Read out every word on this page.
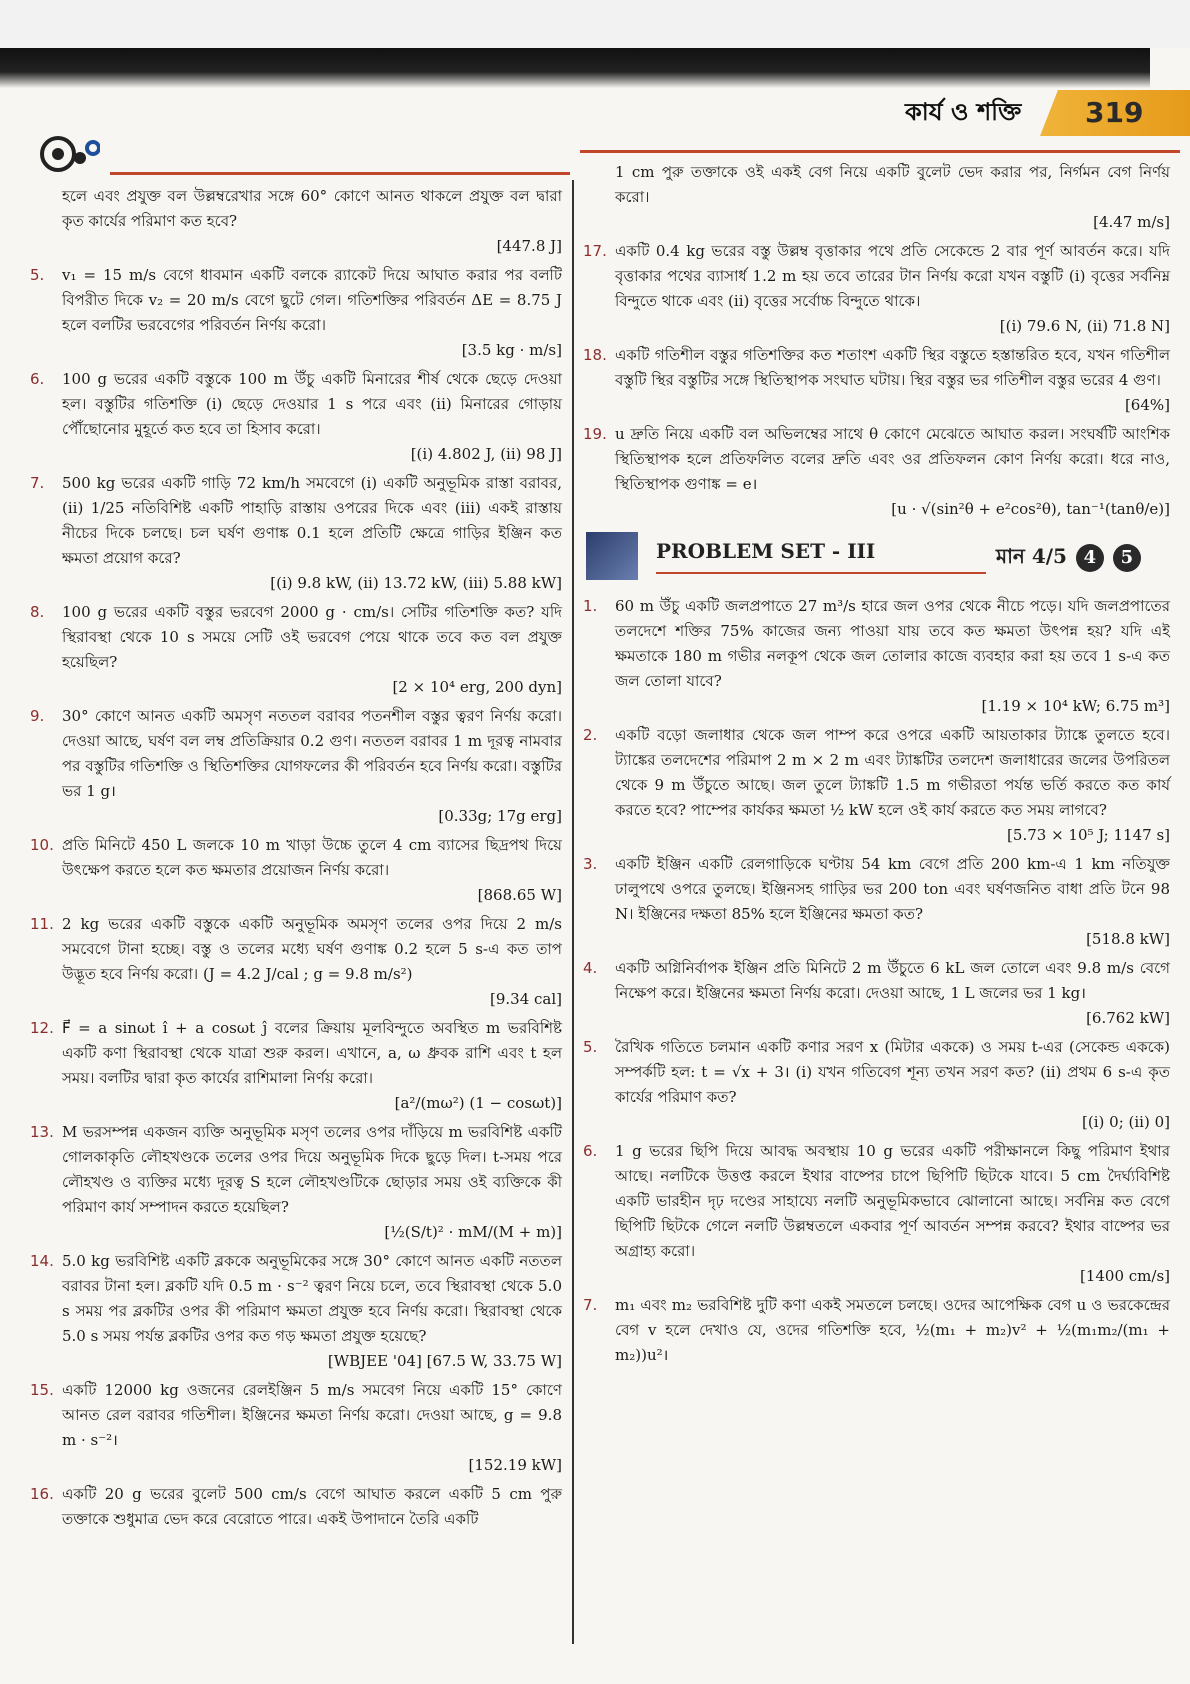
কার্য ও শক্তি 319
হলে এবং প্রযুক্ত বল উল্লম্বরেখার সঙ্গে 60° কোণে আনত থাকলে প্রযুক্ত বল দ্বারা কৃত কার্যের পরিমাণ কত হবে?
[447.8 J]
5. v₁ = 15 m/s বেগে ধাবমান একটি বলকে র‍্যাকেট দিয়ে আঘাত করার পর বলটি বিপরীত দিকে v₂ = 20 m/s বেগে ছুটে গেল। গতিশক্তির পরিবর্তন ΔE = 8.75 J হলে বলটির ভরবেগের পরিবর্তন নির্ণয় করো।
[3.5 kg · m/s]
6. 100 g ভরের একটি বস্তুকে 100 m উঁচু একটি মিনারের শীর্ষ থেকে ছেড়ে দেওয়া হল। বস্তুটির গতিশক্তি (i) ছেড়ে দেওয়ার 1 s পরে এবং (ii) মিনারের গোড়ায় পৌঁছোনোর মুহূর্তে কত হবে তা হিসাব করো।
[(i) 4.802 J, (ii) 98 J]
7. 500 kg ভরের একটি গাড়ি 72 km/h সমবেগে (i) একটি অনুভূমিক রাস্তা বরাবর, (ii) 1/25 নতিবিশিষ্ট একটি পাহাড়ি রাস্তায় ওপরের দিকে এবং (iii) একই রাস্তায় নীচের দিকে চলছে। চল ঘর্ষণ গুণাঙ্ক 0.1 হলে প্রতিটি ক্ষেত্রে গাড়ির ইঞ্জিন কত ক্ষমতা প্রয়োগ করে?
[(i) 9.8 kW, (ii) 13.72 kW, (iii) 5.88 kW]
8. 100 g ভরের একটি বস্তুর ভরবেগ 2000 g · cm/s। সেটির গতিশক্তি কত? যদি স্থিরাবস্থা থেকে 10 s সময়ে সেটি ওই ভরবেগ পেয়ে থাকে তবে কত বল প্রযুক্ত হয়েছিল?
[2 × 10⁴ erg, 200 dyn]
9. 30° কোণে আনত একটি অমসৃণ নততল বরাবর পতনশীল বস্তুর ত্বরণ নির্ণয় করো। দেওয়া আছে, ঘর্ষণ বল লম্ব প্রতিক্রিয়ার 0.2 গুণ। নততল বরাবর 1 m দূরত্ব নামবার পর বস্তুটির গতিশক্তি ও স্থিতিশক্তির যোগফলের কী পরিবর্তন হবে নির্ণয় করো। বস্তুটির ভর 1 g।
[0.33g; 17g erg]
10. প্রতি মিনিটে 450 L জলকে 10 m খাড়া উচ্চে তুলে 4 cm ব্যাসের ছিদ্রপথ দিয়ে উৎক্ষেপ করতে হলে কত ক্ষমতার প্রয়োজন নির্ণয় করো।
[868.65 W]
11. 2 kg ভরের একটি বস্তুকে একটি অনুভূমিক অমসৃণ তলের ওপর দিয়ে 2 m/s সমবেগে টানা হচ্ছে। বস্তু ও তলের মধ্যে ঘর্ষণ গুণাঙ্ক 0.2 হলে 5 s-এ কত তাপ উদ্ভূত হবে নির্ণয় করো। (J = 4.2 J/cal ; g = 9.8 m/s²)
[9.34 cal]
12. F⃗ = a sinωt î + a cosωt ĵ বলের ক্রিয়ায় মূলবিন্দুতে অবস্থিত m ভরবিশিষ্ট একটি কণা স্থিরাবস্থা থেকে যাত্রা শুরু করল। এখানে, a, ω ধ্রুবক রাশি এবং t হল সময়। বলটির দ্বারা কৃত কার্যের রাশিমালা নির্ণয় করো।
[a²/(mω²) (1 − cosωt)]
13. M ভরসম্পন্ন একজন ব্যক্তি অনুভূমিক মসৃণ তলের ওপর দাঁড়িয়ে m ভরবিশিষ্ট একটি গোলকাকৃতি লৌহখণ্ডকে তলের ওপর দিয়ে অনুভূমিক দিকে ছুড়ে দিল। t-সময় পরে লৌহখণ্ড ও ব্যক্তির মধ্যে দূরত্ব S হলে লৌহখণ্ডটিকে ছোড়ার সময় ওই ব্যক্তিকে কী পরিমাণ কার্য সম্পাদন করতে হয়েছিল?
[½(S/t)² · mM/(M + m)]
14. 5.0 kg ভরবিশিষ্ট একটি ব্লককে অনুভূমিকের সঙ্গে 30° কোণে আনত একটি নততল বরাবর টানা হল। ব্লকটি যদি 0.5 m · s⁻² ত্বরণ নিয়ে চলে, তবে স্থিরাবস্থা থেকে 5.0 s সময় পর ব্লকটির ওপর কী পরিমাণ ক্ষমতা প্রযুক্ত হবে নির্ণয় করো। স্থিরাবস্থা থেকে 5.0 s সময় পর্যন্ত ব্লকটির ওপর কত গড় ক্ষমতা প্রযুক্ত হয়েছে?
[WBJEE '04] [67.5 W, 33.75 W]
15. একটি 12000 kg ওজনের রেলইঞ্জিন 5 m/s সমবেগ নিয়ে একটি 15° কোণে আনত রেল বরাবর গতিশীল। ইঞ্জিনের ক্ষমতা নির্ণয় করো। দেওয়া আছে, g = 9.8 m · s⁻²।
[152.19 kW]
16. একটি 20 g ভরের বুলেট 500 cm/s বেগে আঘাত করলে একটি 5 cm পুরু তক্তাকে শুধুমাত্র ভেদ করে বেরোতে পারে। একই উপাদানে তৈরি একটি
1 cm পুরু তক্তাকে ওই একই বেগ নিয়ে একটি বুলেট ভেদ করার পর, নির্গমন বেগ নির্ণয় করো।
[4.47 m/s]
17. একটি 0.4 kg ভরের বস্তু উল্লম্ব বৃত্তাকার পথে প্রতি সেকেন্ডে 2 বার পূর্ণ আবর্তন করে। যদি বৃত্তাকার পথের ব্যাসার্ধ 1.2 m হয় তবে তারের টান নির্ণয় করো যখন বস্তুটি (i) বৃত্তের সর্বনিম্ন বিন্দুতে থাকে এবং (ii) বৃত্তের সর্বোচ্চ বিন্দুতে থাকে।
[(i) 79.6 N, (ii) 71.8 N]
18. একটি গতিশীল বস্তুর গতিশক্তির কত শতাংশ একটি স্থির বস্তুতে হস্তান্তরিত হবে, যখন গতিশীল বস্তুটি স্থির বস্তুটির সঙ্গে স্থিতিস্থাপক সংঘাত ঘটায়। স্থির বস্তুর ভর গতিশীল বস্তুর ভরের 4 গুণ।
[64%]
19. u দ্রুতি নিয়ে একটি বল অভিলম্বের সাথে θ কোণে মেঝেতে আঘাত করল। সংঘর্ষটি আংশিক স্থিতিস্থাপক হলে প্রতিফলিত বলের দ্রুতি এবং ওর প্রতিফলন কোণ নির্ণয় করো। ধরে নাও, স্থিতিস্থাপক গুণাঙ্ক = e।
[u · √(sin²θ + e²cos²θ), tan⁻¹(tanθ/e)]
PROBLEM SET - III	মান 4/5 4 5
1. 60 m উঁচু একটি জলপ্রপাতে 27 m³/s হারে জল ওপর থেকে নীচে পড়ে। যদি জলপ্রপাতের তলদেশে শক্তির 75% কাজের জন্য পাওয়া যায় তবে কত ক্ষমতা উৎপন্ন হয়? যদি এই ক্ষমতাকে 180 m গভীর নলকূপ থেকে জল তোলার কাজে ব্যবহার করা হয় তবে 1 s-এ কত জল তোলা যাবে?
[1.19 × 10⁴ kW; 6.75 m³]
2. একটি বড়ো জলাধার থেকে জল পাম্প করে ওপরে একটি আয়তাকার ট্যাঙ্কে তুলতে হবে। ট্যাঙ্কের তলদেশের পরিমাপ 2 m × 2 m এবং ট্যাঙ্কটির তলদেশ জলাধারের জলের উপরিতল থেকে 9 m উঁচুতে আছে। জল তুলে ট্যাঙ্কটি 1.5 m গভীরতা পর্যন্ত ভর্তি করতে কত কার্য করতে হবে? পাম্পের কার্যকর ক্ষমতা ½ kW হলে ওই কার্য করতে কত সময় লাগবে?
[5.73 × 10⁵ J; 1147 s]
3. একটি ইঞ্জিন একটি রেলগাড়িকে ঘণ্টায় 54 km বেগে প্রতি 200 km-এ 1 km নতিযুক্ত ঢালুপথে ওপরে তুলছে। ইঞ্জিনসহ গাড়ির ভর 200 ton এবং ঘর্ষণজনিত বাধা প্রতি টনে 98 N। ইঞ্জিনের দক্ষতা 85% হলে ইঞ্জিনের ক্ষমতা কত?
[518.8 kW]
4. একটি অগ্নিনির্বাপক ইঞ্জিন প্রতি মিনিটে 2 m উঁচুতে 6 kL জল তোলে এবং 9.8 m/s বেগে নিক্ষেপ করে। ইঞ্জিনের ক্ষমতা নির্ণয় করো। দেওয়া আছে, 1 L জলের ভর 1 kg।
[6.762 kW]
5. রৈখিক গতিতে চলমান একটি কণার সরণ x (মিটার এককে) ও সময় t-এর (সেকেন্ড এককে) সম্পর্কটি হল: t = √x + 3। (i) যখন গতিবেগ শূন্য তখন সরণ কত? (ii) প্রথম 6 s-এ কৃত কার্যের পরিমাণ কত?
[(i) 0; (ii) 0]
6. 1 g ভরের ছিপি দিয়ে আবদ্ধ অবস্থায় 10 g ভরের একটি পরীক্ষানলে কিছু পরিমাণ ইথার আছে। নলটিকে উত্তপ্ত করলে ইথার বাষ্পের চাপে ছিপিটি ছিটকে যাবে। 5 cm দৈর্ঘ্যবিশিষ্ট একটি ভারহীন দৃঢ় দণ্ডের সাহায্যে নলটি অনুভূমিকভাবে ঝোলানো আছে। সর্বনিম্ন কত বেগে ছিপিটি ছিটকে গেলে নলটি উল্লম্বতলে একবার পূর্ণ আবর্তন সম্পন্ন করবে? ইথার বাষ্পের ভর অগ্রাহ্য করো।
[1400 cm/s]
7. m₁ এবং m₂ ভরবিশিষ্ট দুটি কণা একই সমতলে চলছে। ওদের আপেক্ষিক বেগ u ও ভরকেন্দ্রের বেগ v হলে দেখাও যে, ওদের গতিশক্তি হবে, ½(m₁ + m₂)v² + ½(m₁m₂/(m₁ + m₂))u²।
